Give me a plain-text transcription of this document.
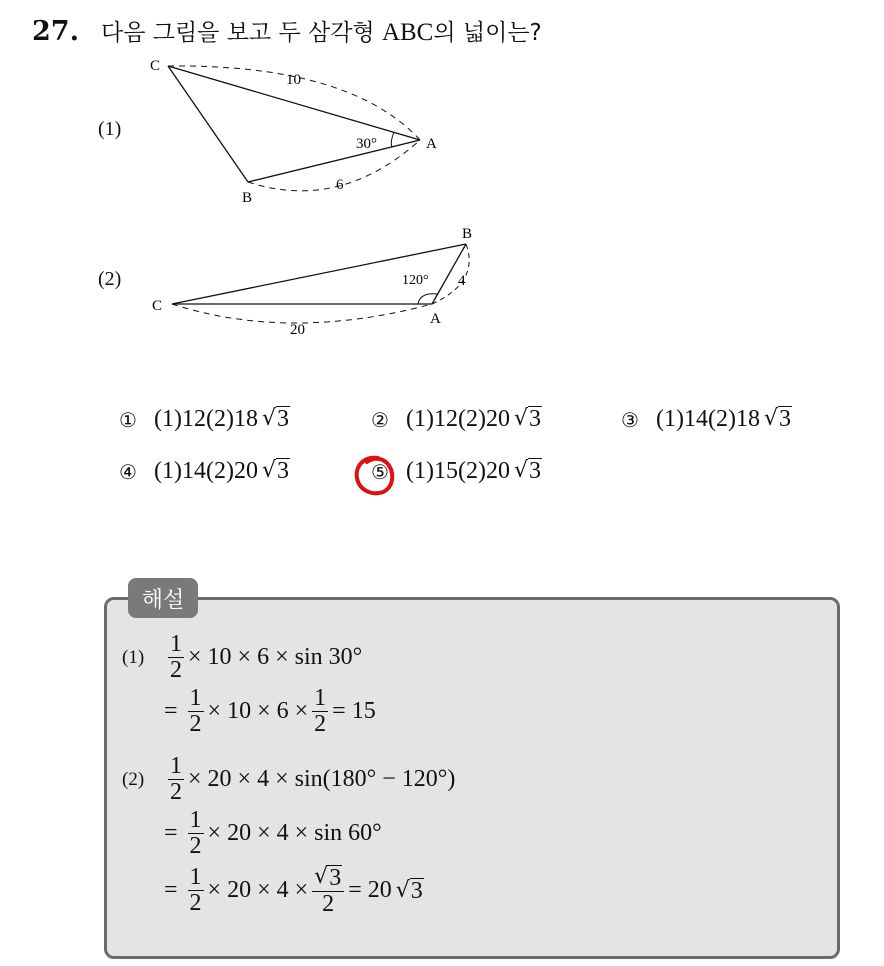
27. 다음 그림을 보고 두 삼각형 ABC의 넓이는?
(1)
C
A
B
10
6
30°
(2)
C
A
B
20
4
120°
① (1)12(2)18 √ 3	② (1)12(2)20 √ 3	③ (1)14(2)18 √ 3
④ (1)14(2)20 √ 3	⑤ (1)15(2)20 √ 3
해설
$(1) \frac{1}{2} \times 10 \times 6 \times \sin 30^\circ$
= $\frac{1}{2} \times 10 \times 6 \times \frac{1}{2} = 15$
$(2) \frac{1}{2} \times 20 \times 4 \times \sin(180^\circ - 120^\circ)$
= $\frac{1}{2} \times 20 \times 4 \times \sin 60^\circ$
= $\frac{1}{2} \times 20 \times 4 \times \frac{√ 3}{2} = 20$ √ 3
